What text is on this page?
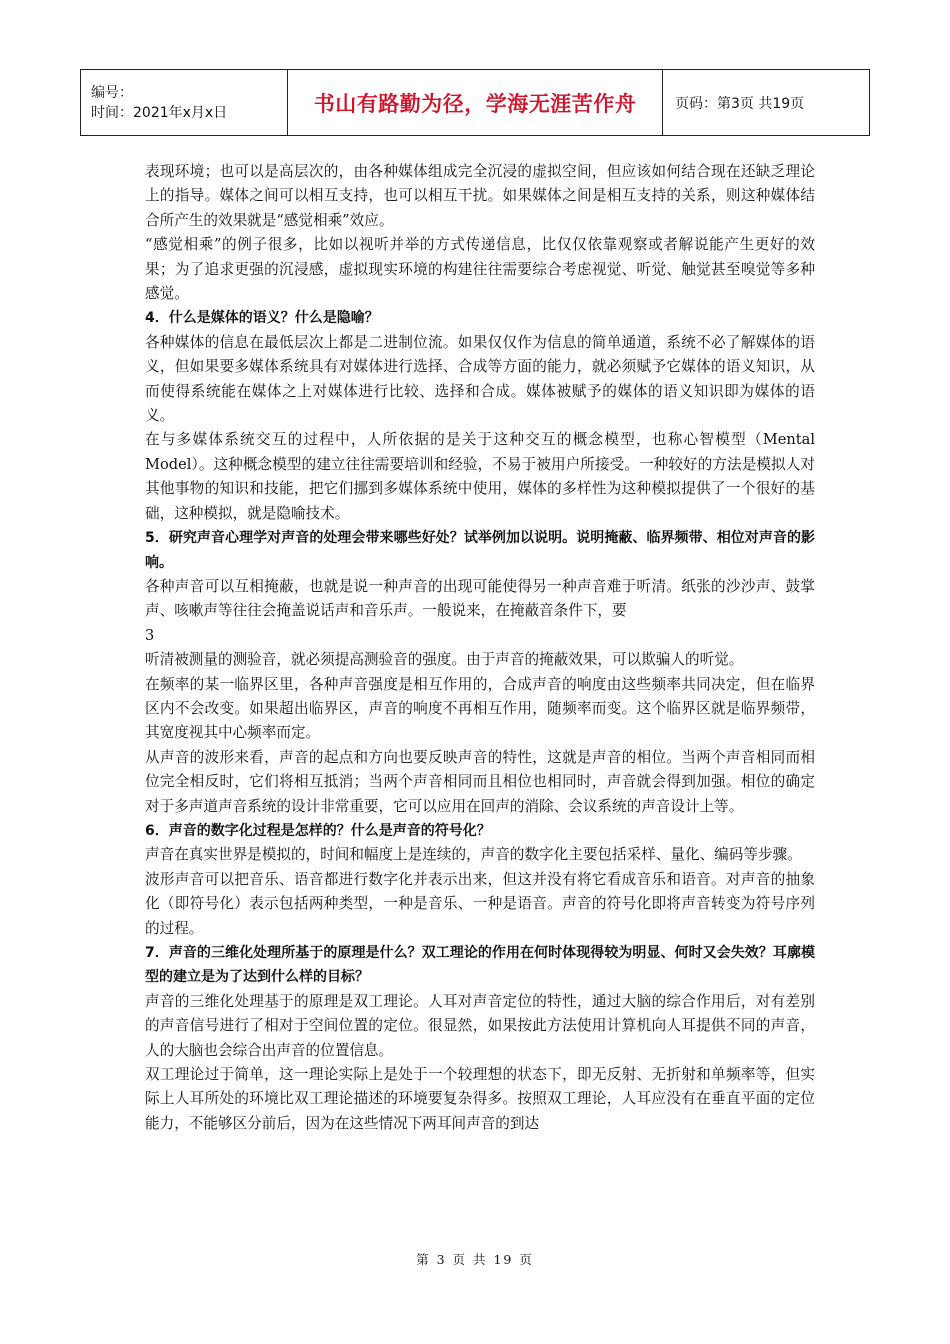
编号：
时间：2021年x月x日	书山有路勤为径，学海无涯苦作舟	页码：第3页 共19页

表现环境；也可以是高层次的，由各种媒体组成完全沉浸的虚拟空间，但应该如何结合现在还缺乏理论上的指导。媒体之间可以相互支持，也可以相互干扰。如果媒体之间是相互支持的关系，则这种媒体结合所产生的效果就是“感觉相乘”效应。

“感觉相乘”的例子很多，比如以视听并举的方式传递信息，比仅仅依靠观察或者解说能产生更好的效果；为了追求更强的沉浸感，虚拟现实环境的构建往往需要综合考虑视觉、听觉、触觉甚至嗅觉等多种感觉。

4．什么是媒体的语义？什么是隐喻？

各种媒体的信息在最低层次上都是二进制位流。如果仅仅作为信息的简单通道，系统不必了解媒体的语义，但如果要多媒体系统具有对媒体进行选择、合成等方面的能力，就必须赋予它媒体的语义知识，从而使得系统能在媒体之上对媒体进行比较、选择和合成。媒体被赋予的媒体的语义知识即为媒体的语义。

在与多媒体系统交互的过程中，人所依据的是关于这种交互的概念模型，也称心智模型（Mental Model）。这种概念模型的建立往往需要培训和经验，不易于被用户所接受。一种较好的方法是模拟人对其他事物的知识和技能，把它们挪到多媒体系统中使用，媒体的多样性为这种模拟提供了一个很好的基础，这种模拟，就是隐喻技术。

5．研究声音心理学对声音的处理会带来哪些好处？试举例加以说明。说明掩蔽、临界频带、相位对声音的影响。

各种声音可以互相掩蔽，也就是说一种声音的出现可能使得另一种声音难于听清。纸张的沙沙声、鼓掌声、咳嗽声等往往会掩盖说话声和音乐声。一般说来，在掩蔽音条件下，要

3

听清被测量的测验音，就必须提高测验音的强度。由于声音的掩蔽效果，可以欺骗人的听觉。

在频率的某一临界区里，各种声音强度是相互作用的，合成声音的响度由这些频率共同决定，但在临界区内不会改变。如果超出临界区，声音的响度不再相互作用，随频率而变。这个临界区就是临界频带，其宽度视其中心频率而定。

从声音的波形来看，声音的起点和方向也要反映声音的特性，这就是声音的相位。当两个声音相同而相位完全相反时，它们将相互抵消；当两个声音相同而且相位也相同时，声音就会得到加强。相位的确定对于多声道声音系统的设计非常重要，它可以应用在回声的消除、会议系统的声音设计上等。

6．声音的数字化过程是怎样的？什么是声音的符号化？

声音在真实世界是模拟的，时间和幅度上是连续的，声音的数字化主要包括采样、量化、编码等步骤。

波形声音可以把音乐、语音都进行数字化并表示出来，但这并没有将它看成音乐和语音。对声音的抽象化（即符号化）表示包括两种类型，一种是音乐、一种是语音。声音的符号化即将声音转变为符号序列的过程。

7．声音的三维化处理所基于的原理是什么？双工理论的作用在何时体现得较为明显、何时又会失效？耳廓模型的建立是为了达到什么样的目标？

声音的三维化处理基于的原理是双工理论。人耳对声音定位的特性，通过大脑的综合作用后，对有差别的声音信号进行了相对于空间位置的定位。很显然，如果按此方法使用计算机向人耳提供不同的声音，人的大脑也会综合出声音的位置信息。

双工理论过于简单，这一理论实际上是处于一个较理想的状态下，即无反射、无折射和单频率等，但实际上人耳所处的环境比双工理论描述的环境要复杂得多。按照双工理论，人耳应没有在垂直平面的定位能力，不能够区分前后，因为在这些情况下两耳间声音的到达

第 3 页 共 19 页
